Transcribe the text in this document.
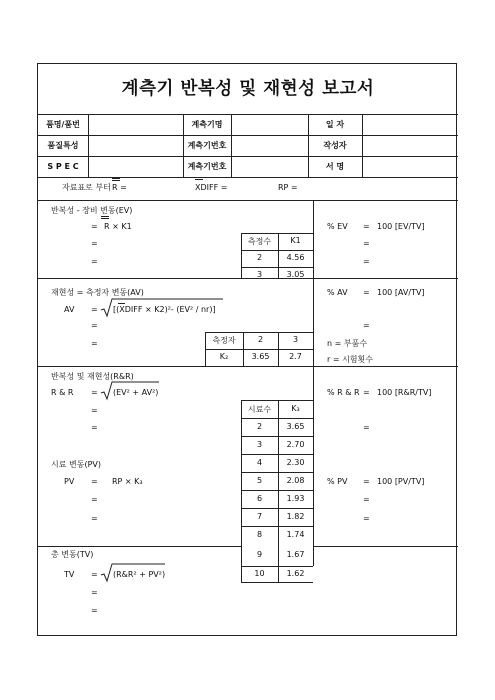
계측기 반복성 및 재현성 보고서
품명/품번	계측기명	일 자
품질특성	계측기번호	작성자
S P E C	계측기번호	서 명
자료표로 부터 R =	XDIFF =	RP =
반복성 - 장비 변동(EV)
= R × K1
=
=
% EV = 100 [EV/TV]
=
=
측정수	K1
2	4.56
3	3.05
재현성 = 측정자 변동(AV)
AV = [(XDIFF × K2)²- (EV² / nr)]
=
=
% AV = 100 [AV/TV]
=
n = 부품수
r = 시험횟수
측정자	2	3
K₂	3.65	2.7
반복성 및 재현성(R&R)
R & R = (EV² + AV²)
=
=
% R & R = 100 [R&R/TV]
=
시료수	K₃
2	3.65
3	2.70
4	2.30
5	2.08
6	1.93
7	1.82
8	1.74
9	1.67
10	1.62
시료 변동(PV)
PV = RP × K₃
=
=
% PV = 100 [PV/TV]
=
=
총 변동(TV)
TV = (R&R² + PV²)
=
=
